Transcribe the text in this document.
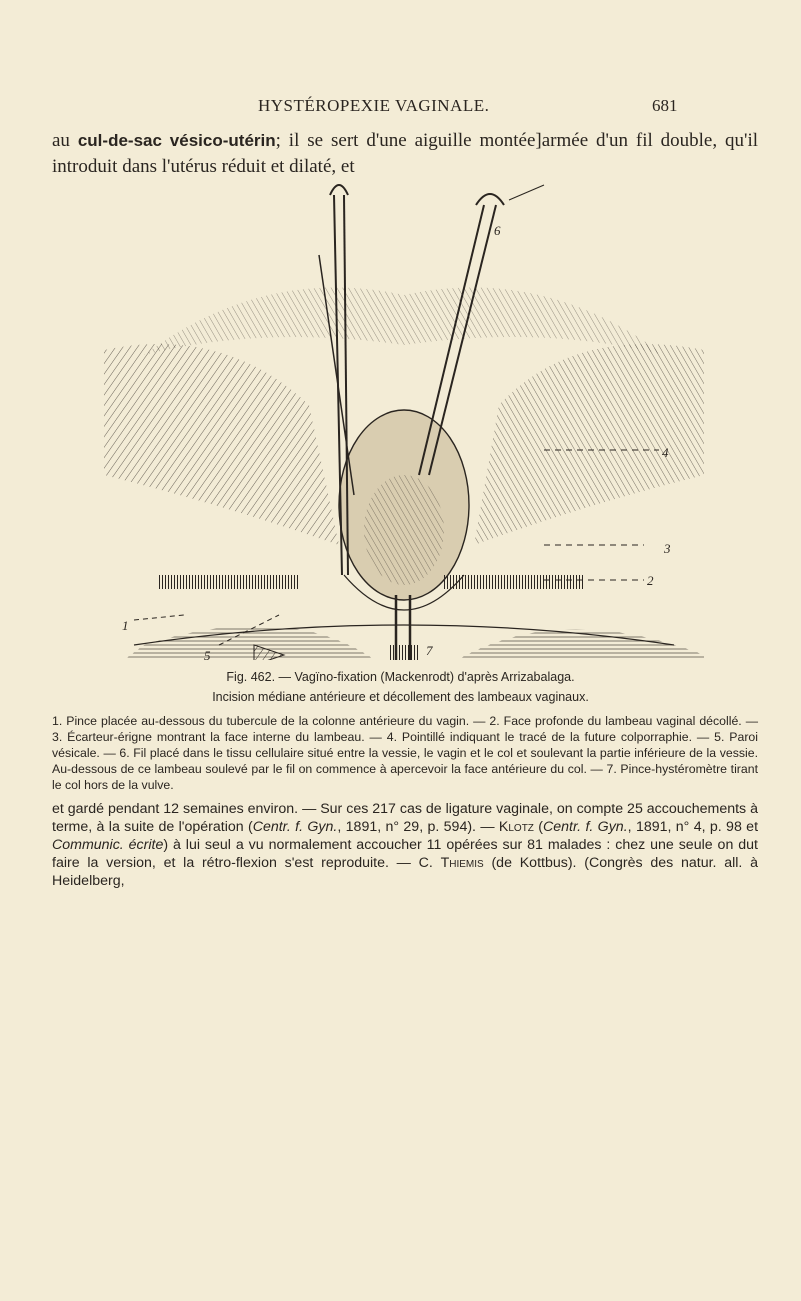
HYSTÉROPEXIE VAGINALE.	681
au cul-de-sac vésico-utérin; il se sert d'une aiguille montée]armée d'un fil double, qu'il introduit dans l'utérus réduit et dilaté, et
6
1
3
2
4
5	7
Fig. 462. — Vagïno-fixation (Mackenrodt) d'après Arrizabalaga.
Incision médiane antérieure et décollement des lambeaux vaginaux.
1. Pince placée au-dessous du tubercule de la colonne antérieure du vagin. — 2. Face profonde du lambeau vaginal décollé. — 3. Écarteur-érigne montrant la face interne du lambeau. — 4. Pointillé indiquant le tracé de la future colporraphie. — 5. Paroi vésicale. — 6. Fil placé dans le tissu cellulaire situé entre la vessie, le vagin et le col et soulevant la partie inférieure de la vessie. Au-dessous de ce lambeau soulevé par le fil on commence à apercevoir la face antérieure du col. — 7. Pince-hystéromètre tirant le col hors de la vulve.
et gardé pendant 12 semaines environ. — Sur ces 217 cas de ligature vaginale, on compte 25 accouchements à terme, à la suite de l'opération (Centr. f. Gyn., 1891, n° 29, p. 594). — Klotz (Centr. f. Gyn., 1891, n° 4, p. 98 et Communic. écrite) à lui seul a vu normalement accoucher 11 opérées sur 81 malades : chez une seule on dut faire la version, et la rétro-flexion s'est reproduite. — C. Thiemis (de Kottbus). (Congrès des natur. all. à Heidelberg,
